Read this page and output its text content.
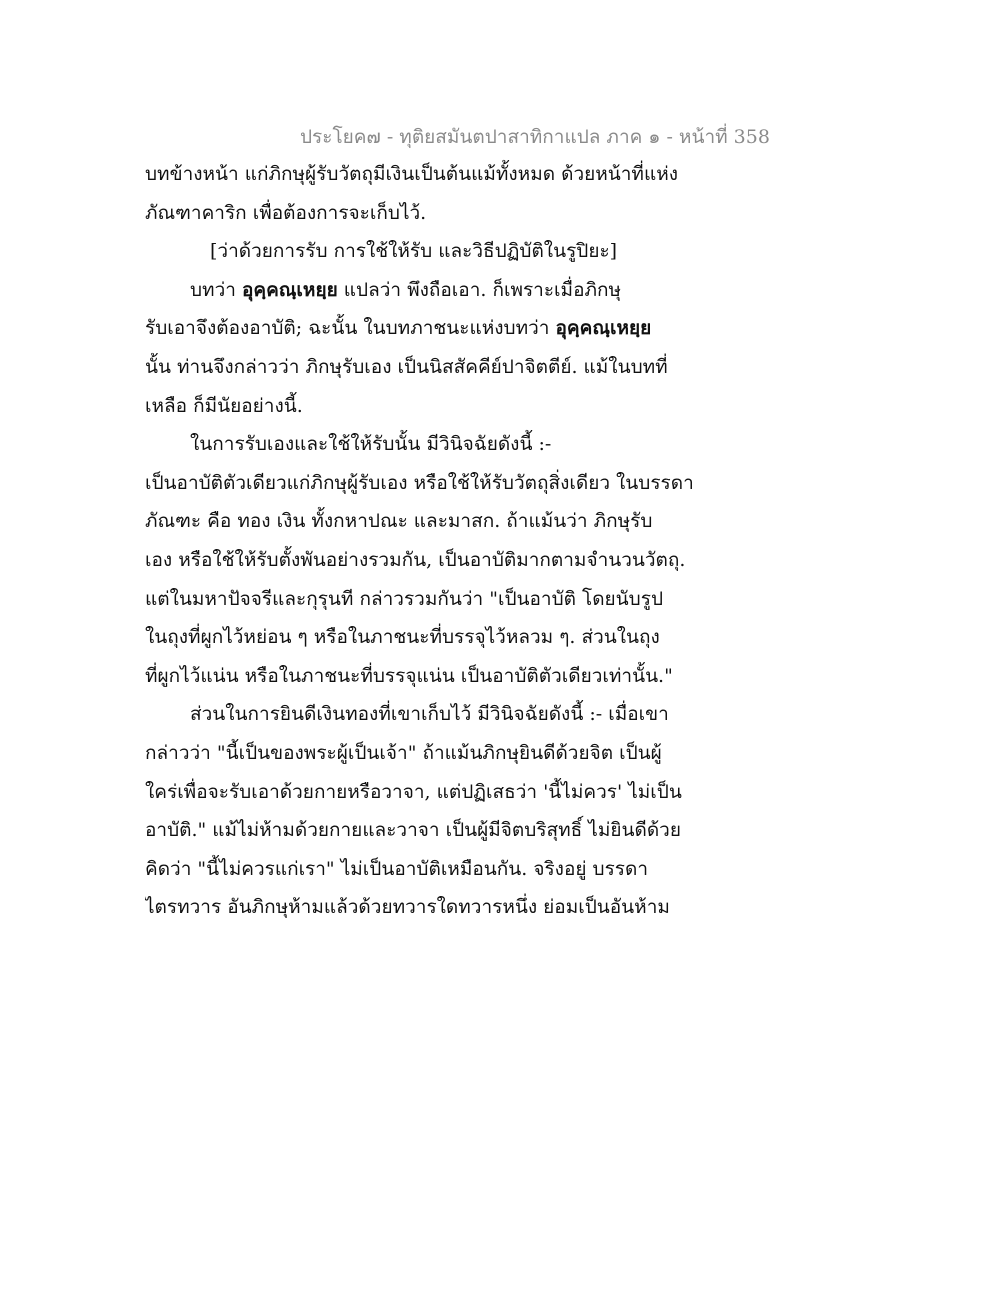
ประโยค๗ - ทุติยสมันตปาสาทิกาแปล ภาค ๑ - หน้าที่ 358
บทข้างหน้า แก่ภิกษุผู้รับวัตถุมีเงินเป็นต้นแม้ทั้งหมด ด้วยหน้าที่แห่ง
ภัณฑาคาริก เพื่อต้องการจะเก็บไว้.
[ว่าด้วยการรับ การใช้ให้รับ และวิธีปฏิบัติในรูปิยะ]
บทว่า อุคฺคณฺเหยฺย แปลว่า พึงถือเอา. ก็เพราะเมื่อภิกษุ
รับเอาจึงต้องอาบัติ; ฉะนั้น ในบทภาชนะแห่งบทว่า อุคฺคณฺเหยฺย
นั้น ท่านจึงกล่าวว่า ภิกษุรับเอง เป็นนิสสัคคีย์ปาจิตตีย์. แม้ในบทที่
เหลือ ก็มีนัยอย่างนี้.
ในการรับเองและใช้ให้รับนั้น มีวินิจฉัยดังนี้ :-
เป็นอาบัติตัวเดียวแก่ภิกษุผู้รับเอง หรือใช้ให้รับวัตถุสิ่งเดียว ในบรรดา
ภัณฑะ คือ ทอง เงิน ทั้งกหาปณะ และมาสก. ถ้าแม้นว่า ภิกษุรับ
เอง หรือใช้ให้รับตั้งพันอย่างรวมกัน, เป็นอาบัติมากตามจำนวนวัตถุ.
แต่ในมหาปัจจรีและกุรุนที กล่าวรวมกันว่า "เป็นอาบัติ โดยนับรูป
ในถุงที่ผูกไว้หย่อน ๆ หรือในภาชนะที่บรรจุไว้หลวม ๆ. ส่วนในถุง
ที่ผูกไว้แน่น หรือในภาชนะที่บรรจุแน่น เป็นอาบัติตัวเดียวเท่านั้น."
ส่วนในการยินดีเงินทองที่เขาเก็บไว้ มีวินิจฉัยดังนี้ :- เมื่อเขา
กล่าวว่า "นี้เป็นของพระผู้เป็นเจ้า" ถ้าแม้นภิกษุยินดีด้วยจิต เป็นผู้
ใคร่เพื่อจะรับเอาด้วยกายหรือวาจา, แต่ปฏิเสธว่า 'นี้ไม่ควร' ไม่เป็น
อาบัติ." แม้ไม่ห้ามด้วยกายและวาจา เป็นผู้มีจิตบริสุทธิ์ ไม่ยินดีด้วย
คิดว่า "นี้ไม่ควรแก่เรา" ไม่เป็นอาบัติเหมือนกัน. จริงอยู่ บรรดา
ไตรทวาร อันภิกษุห้ามแล้วด้วยทวารใดทวารหนึ่ง ย่อมเป็นอันห้าม
